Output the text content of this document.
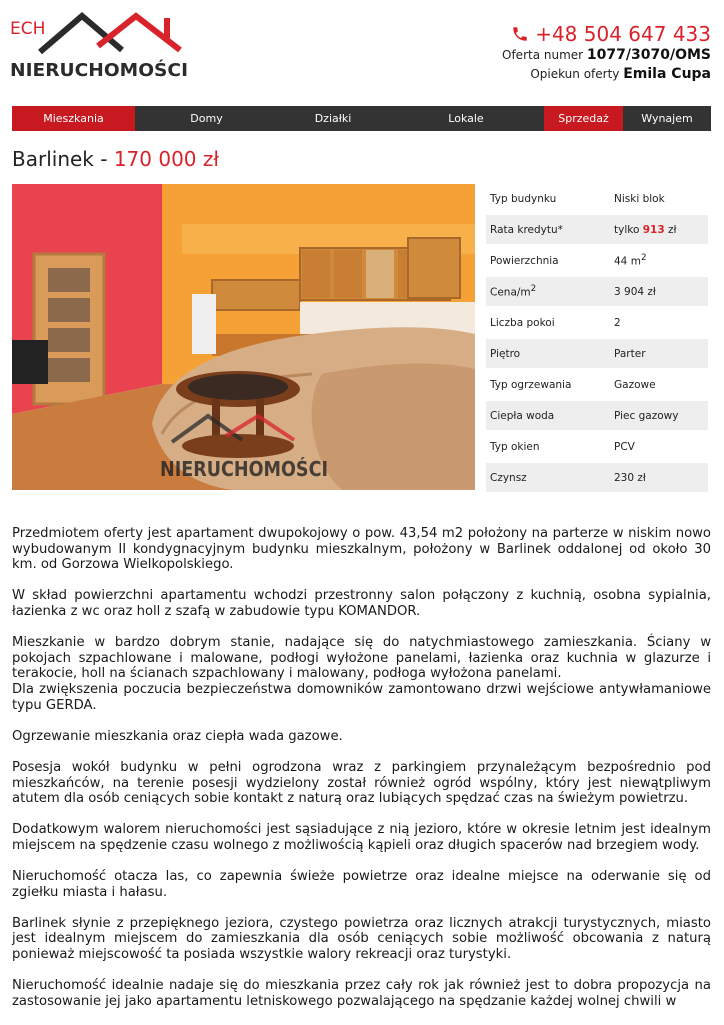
ECH
NIERUCHOMOŚCI
+48 504 647 433
Oferta numer 1077/3070/OMS
Opiekun oferty Emila Cupa
Mieszkania	Domy	Działki	Lokale	Sprzedaż	Wynajem
Barlinek - 170 000 zł
NIERUCHOMOŚCI
Typ budynku	Niski blok
Rata kredytu*	tylko 913 zł
Powierzchnia	44 $m^2$
Cena/$m^2$	3 904 zł
Liczba pokoi	2
Piętro	Parter
Typ ogrzewania	Gazowe
Ciepła woda	Piec gazowy
Typ okien	PCV
Czynsz	230 zł

Przedmiotem oferty jest apartament dwupokojowy o pow. 43,54 m2 położony na parterze w niskim nowo wybudowanym II kondygnacyjnym budynku mieszkalnym, położony w Barlinek oddalonej od około 30 km. od Gorzowa Wielkopolskiego.

W skład powierzchni apartamentu wchodzi przestronny salon połączony z kuchnią, osobna sypialnia, łazienka z wc oraz holl z szafą w zabudowie typu KOMANDOR.

Mieszkanie w bardzo dobrym stanie, nadające się do natychmiastowego zamieszkania. Ściany w pokojach szpachlowane i malowane, podłogi wyłożone panelami, łazienka oraz kuchnia w glazurze i terakocie, holl na ścianach szpachlowany i malowany, podłoga wyłożona panelami.
Dla zwiększenia poczucia bezpieczeństwa domowników zamontowano drzwi wejściowe antywłamaniowe typu GERDA.

Ogrzewanie mieszkania oraz ciepła wada gazowe.

Posesja wokół budynku w pełni ogrodzona wraz z parkingiem przynależącym bezpośrednio pod mieszkańców, na terenie posesji wydzielony został również ogród wspólny, który jest niewątpliwym atutem dla osób ceniących sobie kontakt z naturą oraz lubiących spędzać czas na świeżym powietrzu.

Dodatkowym walorem nieruchomości jest sąsiadujące z nią jezioro, które w okresie letnim jest idealnym miejscem na spędzenie czasu wolnego z możliwością kąpieli oraz długich spacerów nad brzegiem wody.

Nieruchomość otacza las, co zapewnia świeże powietrze oraz idealne miejsce na oderwanie się od zgiełku miasta i hałasu.

Barlinek słynie z przepięknego jeziora, czystego powietrza oraz licznych atrakcji turystycznych, miasto jest idealnym miejscem do zamieszkania dla osób ceniących sobie możliwość obcowania z naturą ponieważ miejscowość ta posiada wszystkie walory rekreacji oraz turystyki.

Nieruchomość idealnie nadaje się do mieszkania przez cały rok jak również jest to dobra propozycja na zastosowanie jej jako apartamentu letniskowego pozwalającego na spędzanie każdej wolnej chwili w
